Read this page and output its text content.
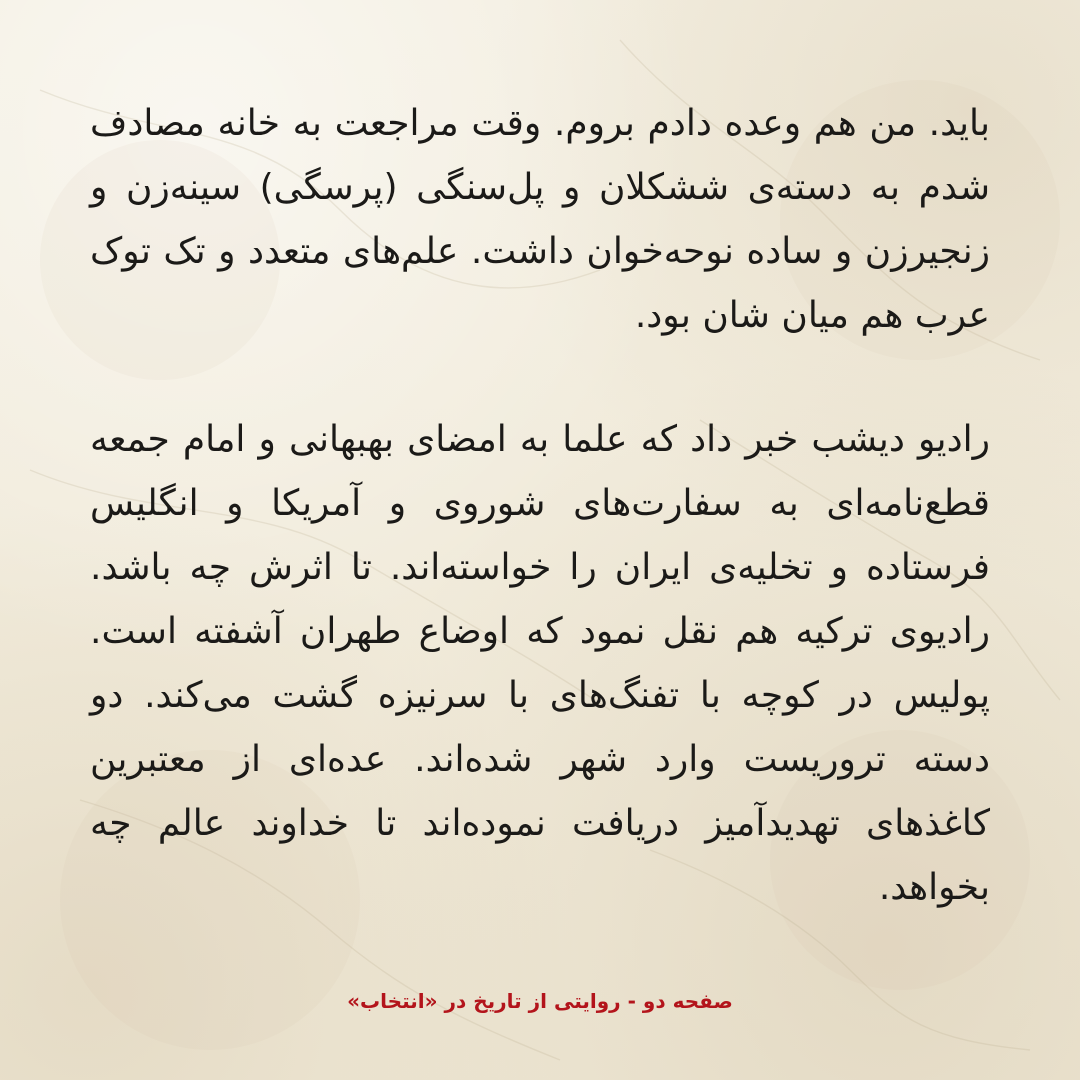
باید. من هم وعده دادم بروم. وقت مراجعت به خانه مصادف شدم به دسته‌ی ششکلان و پل‌سنگی (پرسگی) سینه‌زن و زنجیرزن و ساده نوحه‌خوان داشت. علم‌های متعدد و تک توک عرب هم میان شان بود.

رادیو دیشب خبر داد که علما به امضای بهبهانی و امام جمعه قطع‌نامه‌ای به سفارت‌های شوروی و آمریکا و انگلیس فرستاده و تخلیه‌ی ایران را خواسته‌اند. تا اثرش چه باشد. رادیوی ترکیه هم نقل نمود که اوضاع طهران آشفته است. پولیس در کوچه با تفنگ‌های با سرنیزه گشت می‌کند. دو دسته تروریست وارد شهر شده‌اند. عده‌ای از معتبرین کاغذهای تهدیدآمیز دریافت نموده‌اند تا خداوند عالم چه بخواهد.

صفحه دو - روایتی از تاریخ در «انتخاب»
